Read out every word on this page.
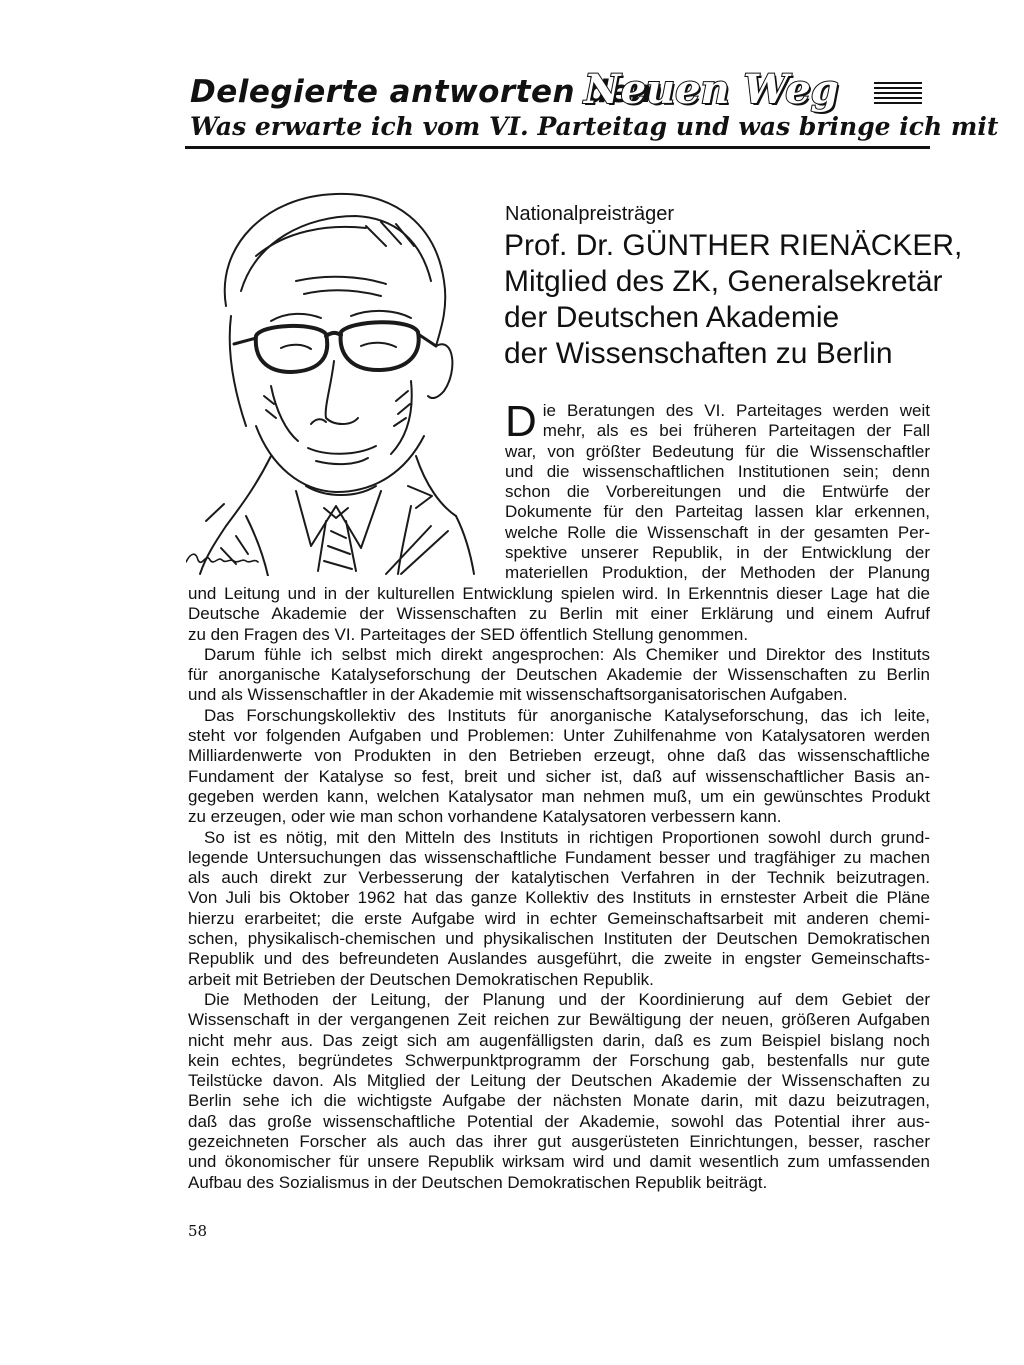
Delegierte antworten dem
Neuen Weg
Was erwarte ich vom VI. Parteitag und was bringe ich mit
Nationalpreisträger
Prof. Dr. GÜNTHER RIENÄCKER,
Mitglied des ZK, Generalsekretär
der Deutschen Akademie
der Wissenschaften zu Berlin
D ie Beratungen des VI. Parteitages werden weit
mehr, als es bei früheren Parteitagen der Fall
war, von größter Bedeutung für die Wissenschaftler
und die wissenschaftlichen Institutionen sein; denn
schon die Vorbereitungen und die Entwürfe der
Dokumente für den Parteitag lassen klar erkennen,
welche Rolle die Wissenschaft in der gesamten Per-
spektive unserer Republik, in der Entwicklung der
materiellen Produktion, der Methoden der Planung
und Leitung und in der kulturellen Entwicklung spielen wird. In Erkenntnis dieser Lage hat die
Deutsche Akademie der Wissenschaften zu Berlin mit einer Erklärung und einem Aufruf
zu den Fragen des VI. Parteitages der SED öffentlich Stellung genommen.
Darum fühle ich selbst mich direkt angesprochen: Als Chemiker und Direktor des Instituts
für anorganische Katalyseforschung der Deutschen Akademie der Wissenschaften zu Berlin
und als Wissenschaftler in der Akademie mit wissenschaftsorganisatorischen Aufgaben.
Das Forschungskollektiv des Instituts für anorganische Katalyseforschung, das ich leite,
steht vor folgenden Aufgaben und Problemen: Unter Zuhilfenahme von Katalysatoren werden
Milliardenwerte von Produkten in den Betrieben erzeugt, ohne daß das wissenschaftliche
Fundament der Katalyse so fest, breit und sicher ist, daß auf wissenschaftlicher Basis an-
gegeben werden kann, welchen Katalysator man nehmen muß, um ein gewünschtes Produkt
zu erzeugen, oder wie man schon vorhandene Katalysatoren verbessern kann.
So ist es nötig, mit den Mitteln des Instituts in richtigen Proportionen sowohl durch grund-
legende Untersuchungen das wissenschaftliche Fundament besser und tragfähiger zu machen
als auch direkt zur Verbesserung der katalytischen Verfahren in der Technik beizutragen.
Von Juli bis Oktober 1962 hat das ganze Kollektiv des Instituts in ernstester Arbeit die Pläne
hierzu erarbeitet; die erste Aufgabe wird in echter Gemeinschaftsarbeit mit anderen chemi-
schen, physikalisch-chemischen und physikalischen Instituten der Deutschen Demokratischen
Republik und des befreundeten Auslandes ausgeführt, die zweite in engster Gemeinschafts-
arbeit mit Betrieben der Deutschen Demokratischen Republik.
Die Methoden der Leitung, der Planung und der Koordinierung auf dem Gebiet der
Wissenschaft in der vergangenen Zeit reichen zur Bewältigung der neuen, größeren Aufgaben
nicht mehr aus. Das zeigt sich am augenfälligsten darin, daß es zum Beispiel bislang noch
kein echtes, begründetes Schwerpunktprogramm der Forschung gab, bestenfalls nur gute
Teilstücke davon. Als Mitglied der Leitung der Deutschen Akademie der Wissenschaften zu
Berlin sehe ich die wichtigste Aufgabe der nächsten Monate darin, mit dazu beizutragen,
daß das große wissenschaftliche Potential der Akademie, sowohl das Potential ihrer aus-
gezeichneten Forscher als auch das ihrer gut ausgerüsteten Einrichtungen, besser, rascher
und ökonomischer für unsere Republik wirksam wird und damit wesentlich zum umfassenden
Aufbau des Sozialismus in der Deutschen Demokratischen Republik beiträgt.
58
